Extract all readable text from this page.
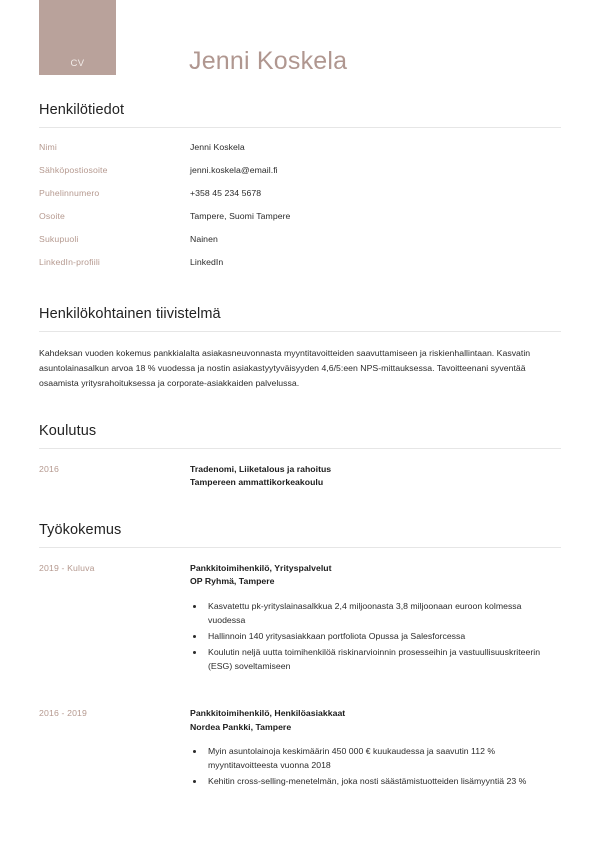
CV	Jenni Koskela
Henkilötiedot
Nimi	Jenni Koskela
Sähköpostiosoite	jenni.koskela@email.fi
Puhelinnumero	+358 45 234 5678
Osoite	Tampere, Suomi Tampere
Sukupuoli	Nainen
LinkedIn-profiili	LinkedIn
Henkilökohtainen tiivistelmä

Kahdeksan vuoden kokemus pankkialalta asiakasneuvonnasta myyntitavoitteiden saavuttamiseen ja riskienhallintaan. Kasvatin asuntolainasalkun arvoa 18 % vuodessa ja nostin asiakastyytyväisyyden 4,6/5:een NPS-mittauksessa. Tavoitteenani syventää osaamista yritysrahoituksessa ja corporate-asiakkaiden palvelussa.

Koulutus
2016	Tradenomi, Liiketalous ja rahoitus
Tampereen ammattikorkeakoulu
Työkokemus
2019 - Kuluva	Pankkitoimihenkilö, Yrityspalvelut
OP Ryhmä, Tampere
• Kasvatettu pk-yrityslainasalkkua 2,4 miljoonasta 3,8 miljoonaan euroon kolmessa vuodessa
• Hallinnoin 140 yritysasiakkaan portfoliota Opussa ja Salesforcessa
• Koulutin neljä uutta toimihenkilöä riskinarvioinnin prosesseihin ja vastuullisuuskriteerin (ESG) soveltamiseen
2016 - 2019	Pankkitoimihenkilö, Henkilöasiakkaat
Nordea Pankki, Tampere
• Myin asuntolainoja keskimäärin 450 000 € kuukaudessa ja saavutin 112 % myyntitavoitteesta vuonna 2018
• Kehitin cross-selling-menetelmän, joka nosti säästämistuotteiden lisämyyntiä 23 %
